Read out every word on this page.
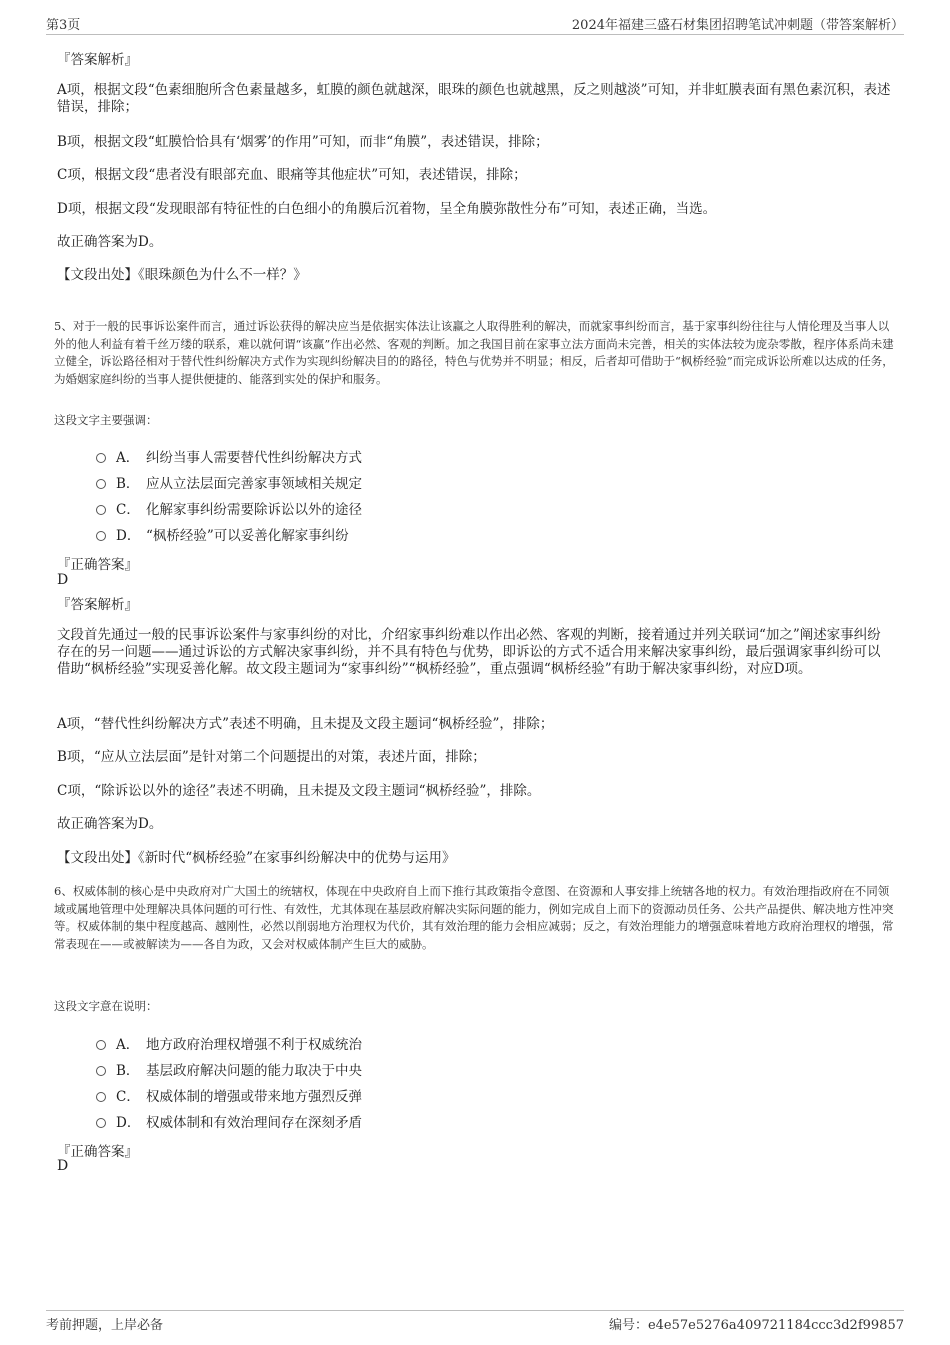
第3页	2024年福建三盛石材集团招聘笔试冲刺题（带答案解析）
『答案解析』
A项，根据文段“色素细胞所含色素量越多，虹膜的颜色就越深，眼珠的颜色也就越黑，反之则越淡”可知，并非虹膜表面有黑色素沉积，表述错误，排除；
B项，根据文段“虹膜恰恰具有‘烟雾’的作用”可知，而非“角膜”，表述错误，排除；
C项，根据文段“患者没有眼部充血、眼痛等其他症状”可知，表述错误，排除；
D项，根据文段“发现眼部有特征性的白色细小的角膜后沉着物，呈全角膜弥散性分布”可知，表述正确，当选。
故正确答案为D。
【文段出处】《眼珠颜色为什么不一样？》
5、对于一般的民事诉讼案件而言，通过诉讼获得的解决应当是依据实体法让该赢之人取得胜利的解决，而就家事纠纷而言，基于家事纠纷往往与人情伦理及当事人以外的他人利益有着千丝万缕的联系，难以就何谓“该赢”作出必然、客观的判断。加之我国目前在家事立法方面尚未完善，相关的实体法较为庞杂零散，程序体系尚未建立健全，诉讼路径相对于替代性纠纷解决方式作为实现纠纷解决目的的路径，特色与优势并不明显；相反，后者却可借助于“枫桥经验”而完成诉讼所难以达成的任务，为婚姻家庭纠纷的当事人提供便捷的、能落到实处的保护和服务。
这段文字主要强调：
A． 纠纷当事人需要替代性纠纷解决方式
B． 应从立法层面完善家事领域相关规定
C． 化解家事纠纷需要除诉讼以外的途径
D． “枫桥经验”可以妥善化解家事纠纷
『正确答案』
D
『答案解析』
文段首先通过一般的民事诉讼案件与家事纠纷的对比，介绍家事纠纷难以作出必然、客观的判断，接着通过并列关联词“加之”阐述家事纠纷存在的另一问题——通过诉讼的方式解决家事纠纷，并不具有特色与优势，即诉讼的方式不适合用来解决家事纠纷，最后强调家事纠纷可以借助“枫桥经验”实现妥善化解。故文段主题词为“家事纠纷”“枫桥经验”，重点强调“枫桥经验”有助于解决家事纠纷，对应D项。
A项，“替代性纠纷解决方式”表述不明确，且未提及文段主题词“枫桥经验”，排除；
B项，“应从立法层面”是针对第二个问题提出的对策，表述片面，排除；
C项，“除诉讼以外的途径”表述不明确，且未提及文段主题词“枫桥经验”，排除。
故正确答案为D。
【文段出处】《新时代“枫桥经验”在家事纠纷解决中的优势与运用》
6、权威体制的核心是中央政府对广大国土的统辖权，体现在中央政府自上而下推行其政策指令意图、在资源和人事安排上统辖各地的权力。有效治理指政府在不同领域或属地管理中处理解决具体问题的可行性、有效性，尤其体现在基层政府解决实际问题的能力，例如完成自上而下的资源动员任务、公共产品提供、解决地方性冲突等。权威体制的集中程度越高、越刚性，必然以削弱地方治理权为代价，其有效治理的能力会相应减弱；反之，有效治理能力的增强意味着地方政府治理权的增强，常常表现在——或被解读为——各自为政，又会对权威体制产生巨大的威胁。
这段文字意在说明：
A． 地方政府治理权增强不利于权威统治
B． 基层政府解决问题的能力取决于中央
C． 权威体制的增强或带来地方强烈反弹
D． 权威体制和有效治理间存在深刻矛盾
『正确答案』
D
考前押题，上岸必备	编号：e4e57e5276a409721184ccc3d2f99857
